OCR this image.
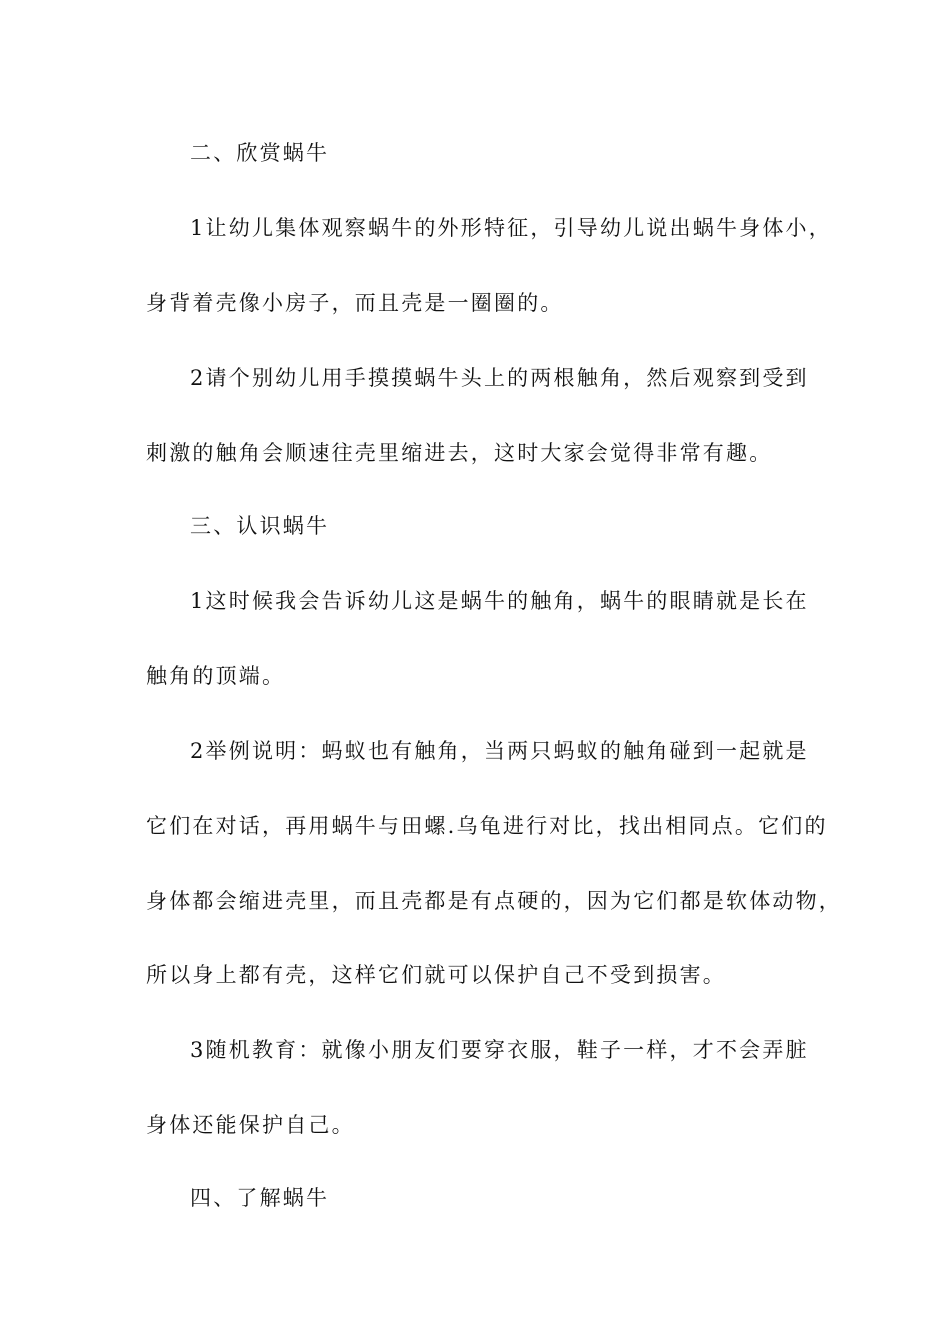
二、欣赏蜗牛
1让幼儿集体观察蜗牛的外形特征，引导幼儿说出蜗牛身体小，
身背着壳像小房子，而且壳是一圈圈的。
2请个别幼儿用手摸摸蜗牛头上的两根触角，然后观察到受到
刺激的触角会顺速往壳里缩进去，这时大家会觉得非常有趣。
三、认识蜗牛
1这时候我会告诉幼儿这是蜗牛的触角，蜗牛的眼睛就是长在
触角的顶端。
2举例说明：蚂蚁也有触角，当两只蚂蚁的触角碰到一起就是
它们在对话，再用蜗牛与田螺.乌龟进行对比，找出相同点。它们的
身体都会缩进壳里，而且壳都是有点硬的，因为它们都是软体动物，
所以身上都有壳，这样它们就可以保护自己不受到损害。
3随机教育：就像小朋友们要穿衣服，鞋子一样，才不会弄脏
身体还能保护自己。
四、了解蜗牛
